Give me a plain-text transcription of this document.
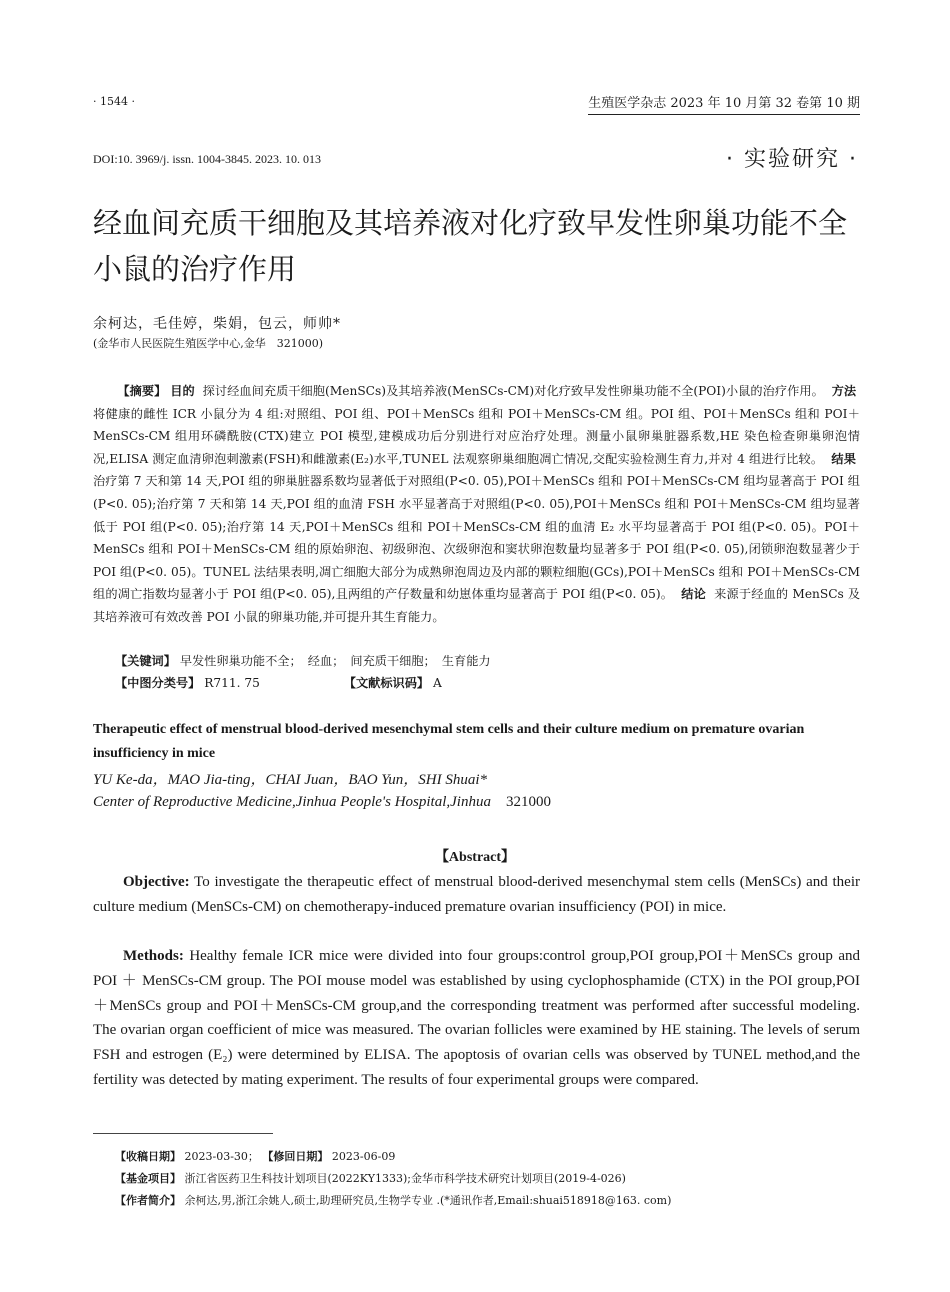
· 1544 ·	生殖医学杂志 2023 年 10 月第 32 卷第 10 期
DOI:10. 3969/j. issn. 1004-3845. 2023. 10. 013	· 实验研究 ·
经血间充质干细胞及其培养液对化疗致早发性卵巢功能不全小鼠的治疗作用
余柯达，毛佳婷，柴娟，包云，师帅*
(金华市人民医院生殖医学中心,金华　321000)
【摘要】 目的 探讨经血间充质干细胞(MenSCs)及其培养液(MenSCs-CM)对化疗致早发性卵巢功能不全(POI)小鼠的治疗作用。 方法  将健康的雌性 ICR 小鼠分为 4 组:对照组、POI 组、POI＋MenSCs 组和 POI＋MenSCs-CM 组。POI 组、POI＋MenSCs 组和 POI＋MenSCs-CM 组用环磷酰胺(CTX)建立 POI 模型,建模成功后分别进行对应治疗处理。测量小鼠卵巢脏器系数,HE 染色检查卵巢卵泡情况,ELISA 测定血清卵泡刺激素(FSH)和雌激素(E₂)水平,TUNEL 法观察卵巢细胞凋亡情况,交配实验检测生育力,并对 4 组进行比较。 结果  治疗第 7 天和第 14 天,POI 组的卵巢脏器系数均显著低于对照组(P<0. 05),POI＋MenSCs 组和 POI＋MenSCs-CM 组均显著高于 POI 组(P<0. 05);治疗第 7 天和第 14 天,POI 组的血清 FSH 水平显著高于对照组(P<0. 05),POI＋MenSCs 组和 POI＋MenSCs-CM 组均显著低于 POI 组(P<0. 05);治疗第 14 天,POI＋MenSCs 组和 POI＋MenSCs-CM 组的血清 E₂ 水平均显著高于 POI 组(P<0. 05)。POI＋MenSCs 组和 POI＋MenSCs-CM 组的原始卵泡、初级卵泡、次级卵泡和窦状卵泡数量均显著多于 POI 组(P<0. 05),闭锁卵泡数显著少于 POI 组(P<0. 05)。TUNEL 法结果表明,凋亡细胞大部分为成熟卵泡周边及内部的颗粒细胞(GCs),POI＋MenSCs 组和 POI＋MenSCs-CM 组的凋亡指数均显著小于 POI 组(P<0. 05),且两组的产仔数量和幼崽体重均显著高于 POI 组(P<0. 05)。 结论 来源于经血的 MenSCs 及其培养液可有效改善 POI 小鼠的卵巢功能,并可提升其生育能力。
【关键词】 早发性卵巢功能不全；　经血；　间充质干细胞；　生育能力
【中图分类号】 R711. 75	【文献标识码】 A
Therapeutic effect of menstrual blood-derived mesenchymal stem cells and their culture medium on premature ovarian insufficiency in mice
YU Ke-da，MAO Jia-ting，CHAI Juan，BAO Yun，SHI Shuai*
Center of Reproductive Medicine,Jinhua People's Hospital,Jinhua 321000
【Abstract】
Objective: To investigate the therapeutic effect of menstrual blood-derived mesenchymal stem cells (MenSCs) and their culture medium (MenSCs-CM) on chemotherapy-induced premature ovarian insufficiency (POI) in mice.
Methods: Healthy female ICR mice were divided into four groups:control group,POI group,POI＋MenSCs group and POI ＋ MenSCs-CM group. The POI mouse model was established by using cyclophosphamide (CTX) in the POI group,POI＋MenSCs group and POI＋MenSCs-CM group,and the corresponding treatment was performed after successful modeling. The ovarian organ coefficient of mice was measured. The ovarian follicles were examined by HE staining. The levels of serum FSH and estrogen (E₂) were determined by ELISA. The apoptosis of ovarian cells was observed by TUNEL method,and the fertility was detected by mating experiment. The results of four experimental groups were compared.
【收稿日期】 2023-03-30； 【修回日期】 2023-06-09
【基金项目】 浙江省医药卫生科技计划项目(2022KY1333);金华市科学技术研究计划项目(2019-4-026)
【作者简介】 余柯达,男,浙江余姚人,硕士,助理研究员,生物学专业 .(*通讯作者,Email:shuai518918@163. com)
